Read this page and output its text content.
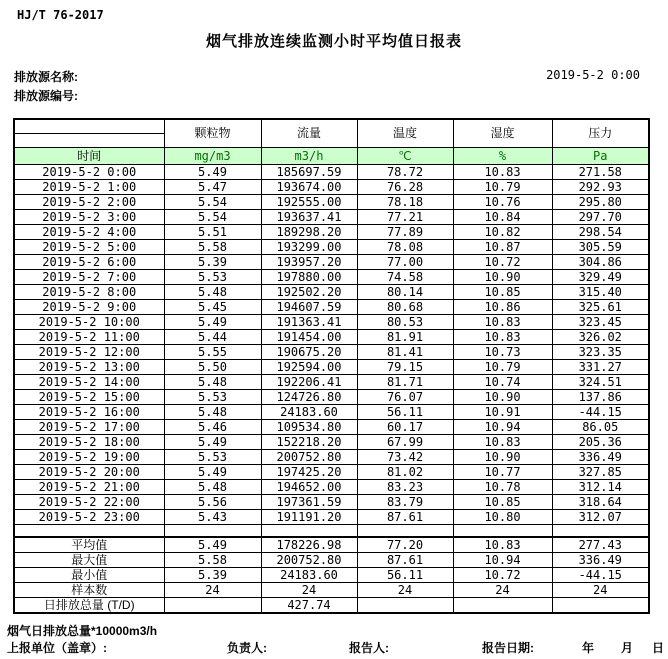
HJ/T 76-2017
烟气排放连续监测小时平均值日报表
排放源名称:
排放源编号:
2019-5-2 0:00
	颗粒物	流量	温度	湿度	压力

时间	mg/m3	m3/h	℃	%	Pa
2019-5-2 0:00	5.49	185697.59	78.72	10.83	271.58
2019-5-2 1:00	5.47	193674.00	76.28	10.79	292.93
2019-5-2 2:00	5.54	192555.00	78.18	10.76	295.80
2019-5-2 3:00	5.54	193637.41	77.21	10.84	297.70
2019-5-2 4:00	5.51	189298.20	77.89	10.82	298.54
2019-5-2 5:00	5.58	193299.00	78.08	10.87	305.59
2019-5-2 6:00	5.39	193957.20	77.00	10.72	304.86
2019-5-2 7:00	5.53	197880.00	74.58	10.90	329.49
2019-5-2 8:00	5.48	192502.20	80.14	10.85	315.40
2019-5-2 9:00	5.45	194607.59	80.68	10.86	325.61
2019-5-2 10:00	5.49	191363.41	80.53	10.83	323.45
2019-5-2 11:00	5.44	191454.00	81.91	10.83	326.02
2019-5-2 12:00	5.55	190675.20	81.41	10.73	323.35
2019-5-2 13:00	5.50	192594.00	79.15	10.79	331.27
2019-5-2 14:00	5.48	192206.41	81.71	10.74	324.51
2019-5-2 15:00	5.53	124726.80	76.07	10.90	137.86
2019-5-2 16:00	5.48	24183.60	56.11	10.91	-44.15
2019-5-2 17:00	5.46	109534.80	60.17	10.94	86.05
2019-5-2 18:00	5.49	152218.20	67.99	10.83	205.36
2019-5-2 19:00	5.53	200752.80	73.42	10.90	336.49
2019-5-2 20:00	5.49	197425.20	81.02	10.77	327.85
2019-5-2 21:00	5.48	194652.00	83.23	10.78	312.14
2019-5-2 22:00	5.56	197361.59	83.79	10.85	318.64
2019-5-2 23:00	5.43	191191.20	87.61	10.80	312.07

平均值	5.49	178226.98	77.20	10.83	277.43
最大值	5.58	200752.80	87.61	10.94	336.49
最小值	5.39	24183.60	56.11	10.72	-44.15
样本数	24	24	24	24	24
日排放总量 (T/D)		427.74			
烟气日排放总量*10000m3/h
上报单位（盖章）:	负责人:	报告人:	报告日期:	年 月 日
